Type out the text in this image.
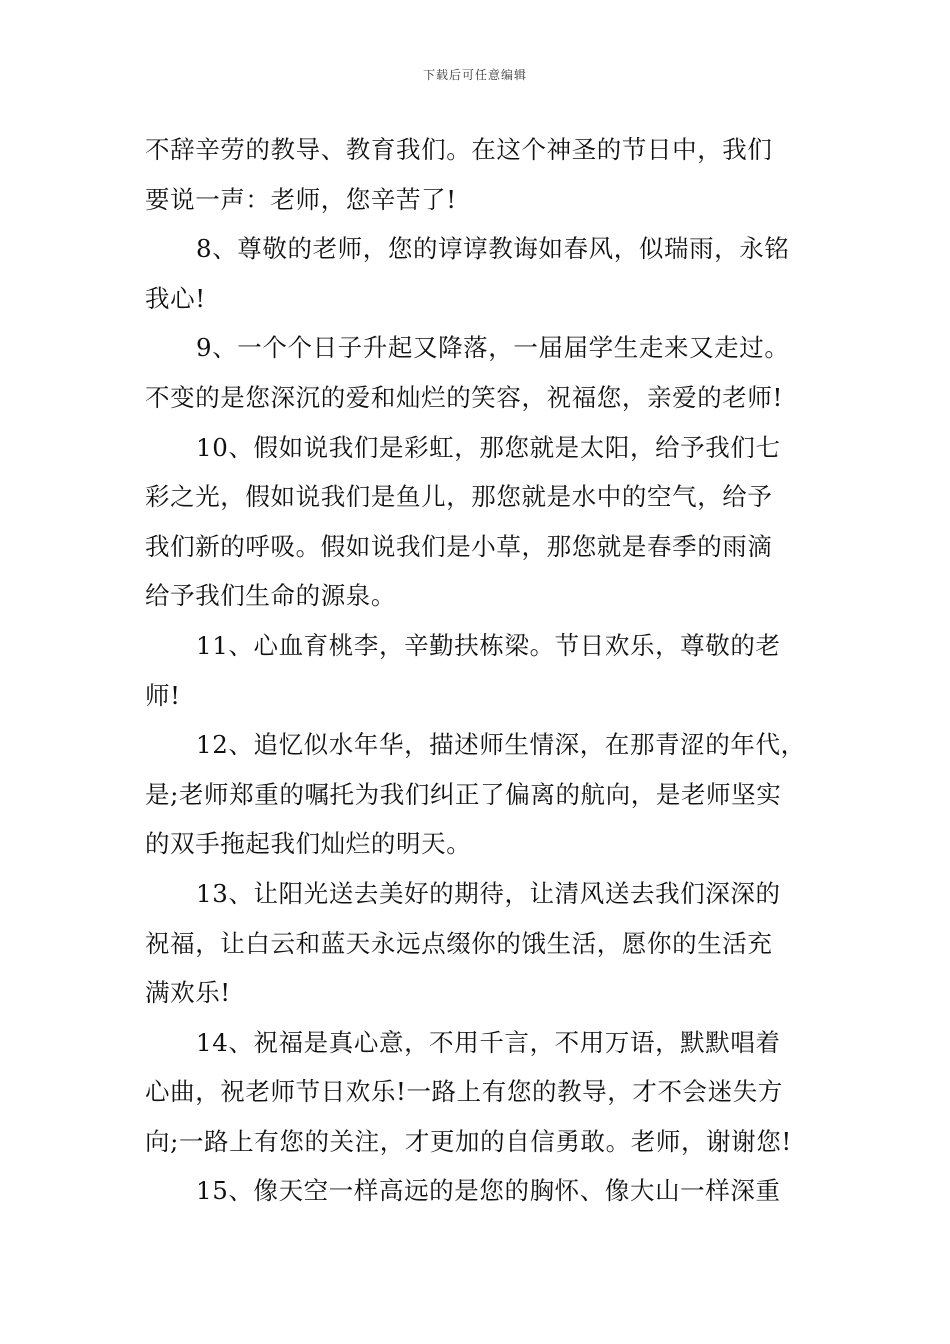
下载后可任意编辑
不辞辛劳的教导、教育我们。在这个神圣的节日中，我们
要说一声：老师，您辛苦了!
8、尊敬的老师，您的谆谆教诲如春风，似瑞雨，永铭
我心!
9、一个个日子升起又降落，一届届学生走来又走过。
不变的是您深沉的爱和灿烂的笑容，祝福您，亲爱的老师!
10、假如说我们是彩虹，那您就是太阳，给予我们七
彩之光，假如说我们是鱼儿，那您就是水中的空气，给予
我们新的呼吸。假如说我们是小草，那您就是春季的雨滴
给予我们生命的源泉。
11、心血育桃李，辛勤扶栋梁。节日欢乐，尊敬的老
师!
12、追忆似水年华，描述师生情深，在那青涩的年代，
是;老师郑重的嘱托为我们纠正了偏离的航向，是老师坚实
的双手拖起我们灿烂的明天。
13、让阳光送去美好的期待，让清风送去我们深深的
祝福，让白云和蓝天永远点缀你的饿生活，愿你的生活充
满欢乐!
14、祝福是真心意，不用千言，不用万语，默默唱着
心曲，祝老师节日欢乐!一路上有您的教导，才不会迷失方
向;一路上有您的关注，才更加的自信勇敢。老师，谢谢您!
15、像天空一样高远的是您的胸怀、像大山一样深重
